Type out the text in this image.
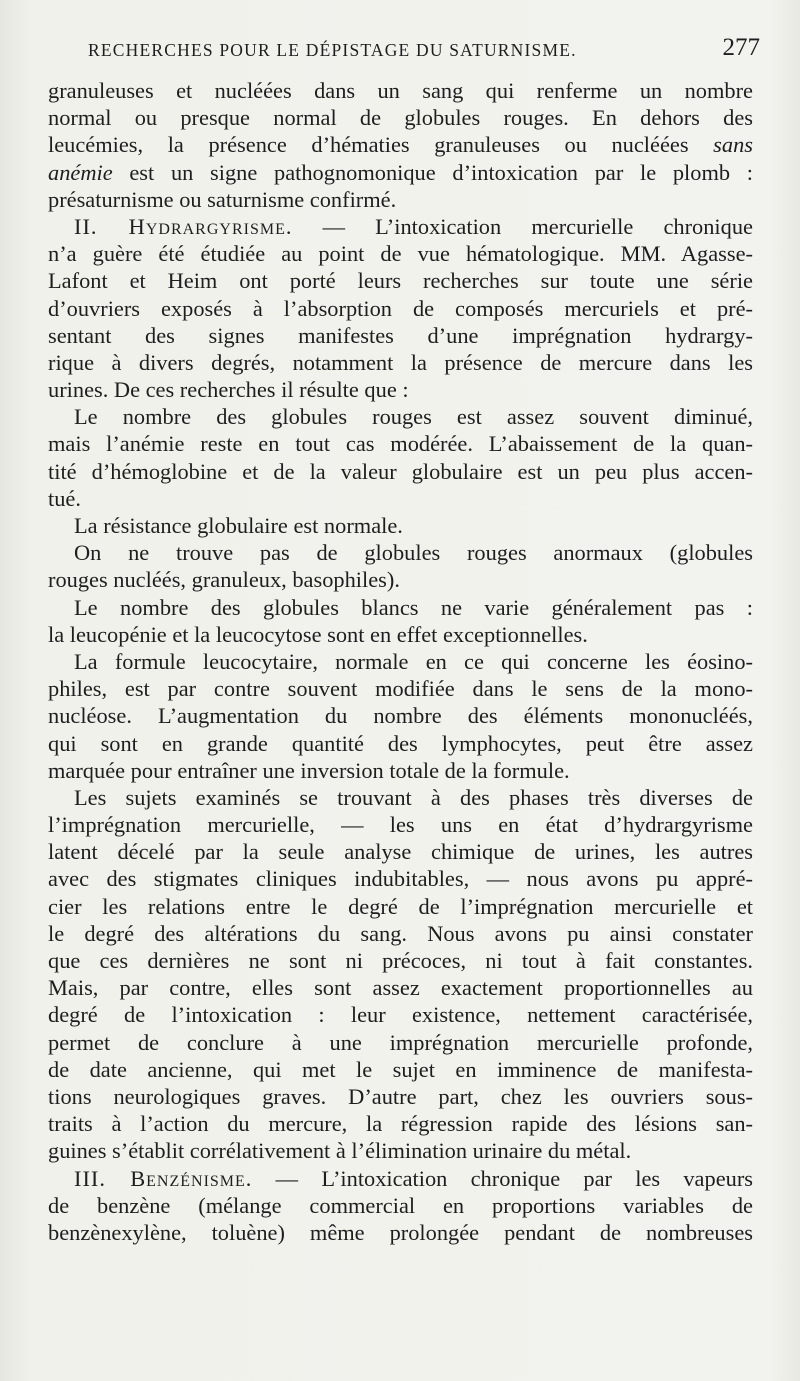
RECHERCHES POUR LE DÉPISTAGE DU SATURNISME.	277
granuleuses et nucléées dans un sang qui renferme un nombre
normal ou presque normal de globules rouges. En dehors des
leucémies, la présence d’hématies granuleuses ou nucléées sans
anémie est un signe pathognomonique d’intoxication par le plomb :
présaturnisme ou saturnisme confirmé.
II. Hydrargyrisme. — L’intoxication mercurielle chronique
n’a guère été étudiée au point de vue hématologique. MM. Agasse-
Lafont et Heim ont porté leurs recherches sur toute une série
d’ouvriers exposés à l’absorption de composés mercuriels et pré-
sentant des signes manifestes d’une imprégnation hydrargy-
rique à divers degrés, notamment la présence de mercure dans les
urines. De ces recherches il résulte que :
Le nombre des globules rouges est assez souvent diminué,
mais l’anémie reste en tout cas modérée. L’abaissement de la quan-
tité d’hémoglobine et de la valeur globulaire est un peu plus accen-
tué.
La résistance globulaire est normale.
On ne trouve pas de globules rouges anormaux (globules
rouges nucléés, granuleux, basophiles).
Le nombre des globules blancs ne varie généralement pas :
la leucopénie et la leucocytose sont en effet exceptionnelles.
La formule leucocytaire, normale en ce qui concerne les éosino-
philes, est par contre souvent modifiée dans le sens de la mono-
nucléose. L’augmentation du nombre des éléments mononucléés,
qui sont en grande quantité des lymphocytes, peut être assez
marquée pour entraîner une inversion totale de la formule.
Les sujets examinés se trouvant à des phases très diverses de
l’imprégnation mercurielle, — les uns en état d’hydrargyrisme
latent décelé par la seule analyse chimique de urines, les autres
avec des stigmates cliniques indubitables, — nous avons pu appré-
cier les relations entre le degré de l’imprégnation mercurielle et
le degré des altérations du sang. Nous avons pu ainsi constater
que ces dernières ne sont ni précoces, ni tout à fait constantes.
Mais, par contre, elles sont assez exactement proportionnelles au
degré de l’intoxication : leur existence, nettement caractérisée,
permet de conclure à une imprégnation mercurielle profonde,
de date ancienne, qui met le sujet en imminence de manifesta-
tions neurologiques graves. D’autre part, chez les ouvriers sous-
traits à l’action du mercure, la régression rapide des lésions san-
guines s’établit corrélativement à l’élimination urinaire du métal.
III. Benzénisme. — L’intoxication chronique par les vapeurs
de benzène (mélange commercial en proportions variables de
benzènexylène, toluène) même prolongée pendant de nombreuses
